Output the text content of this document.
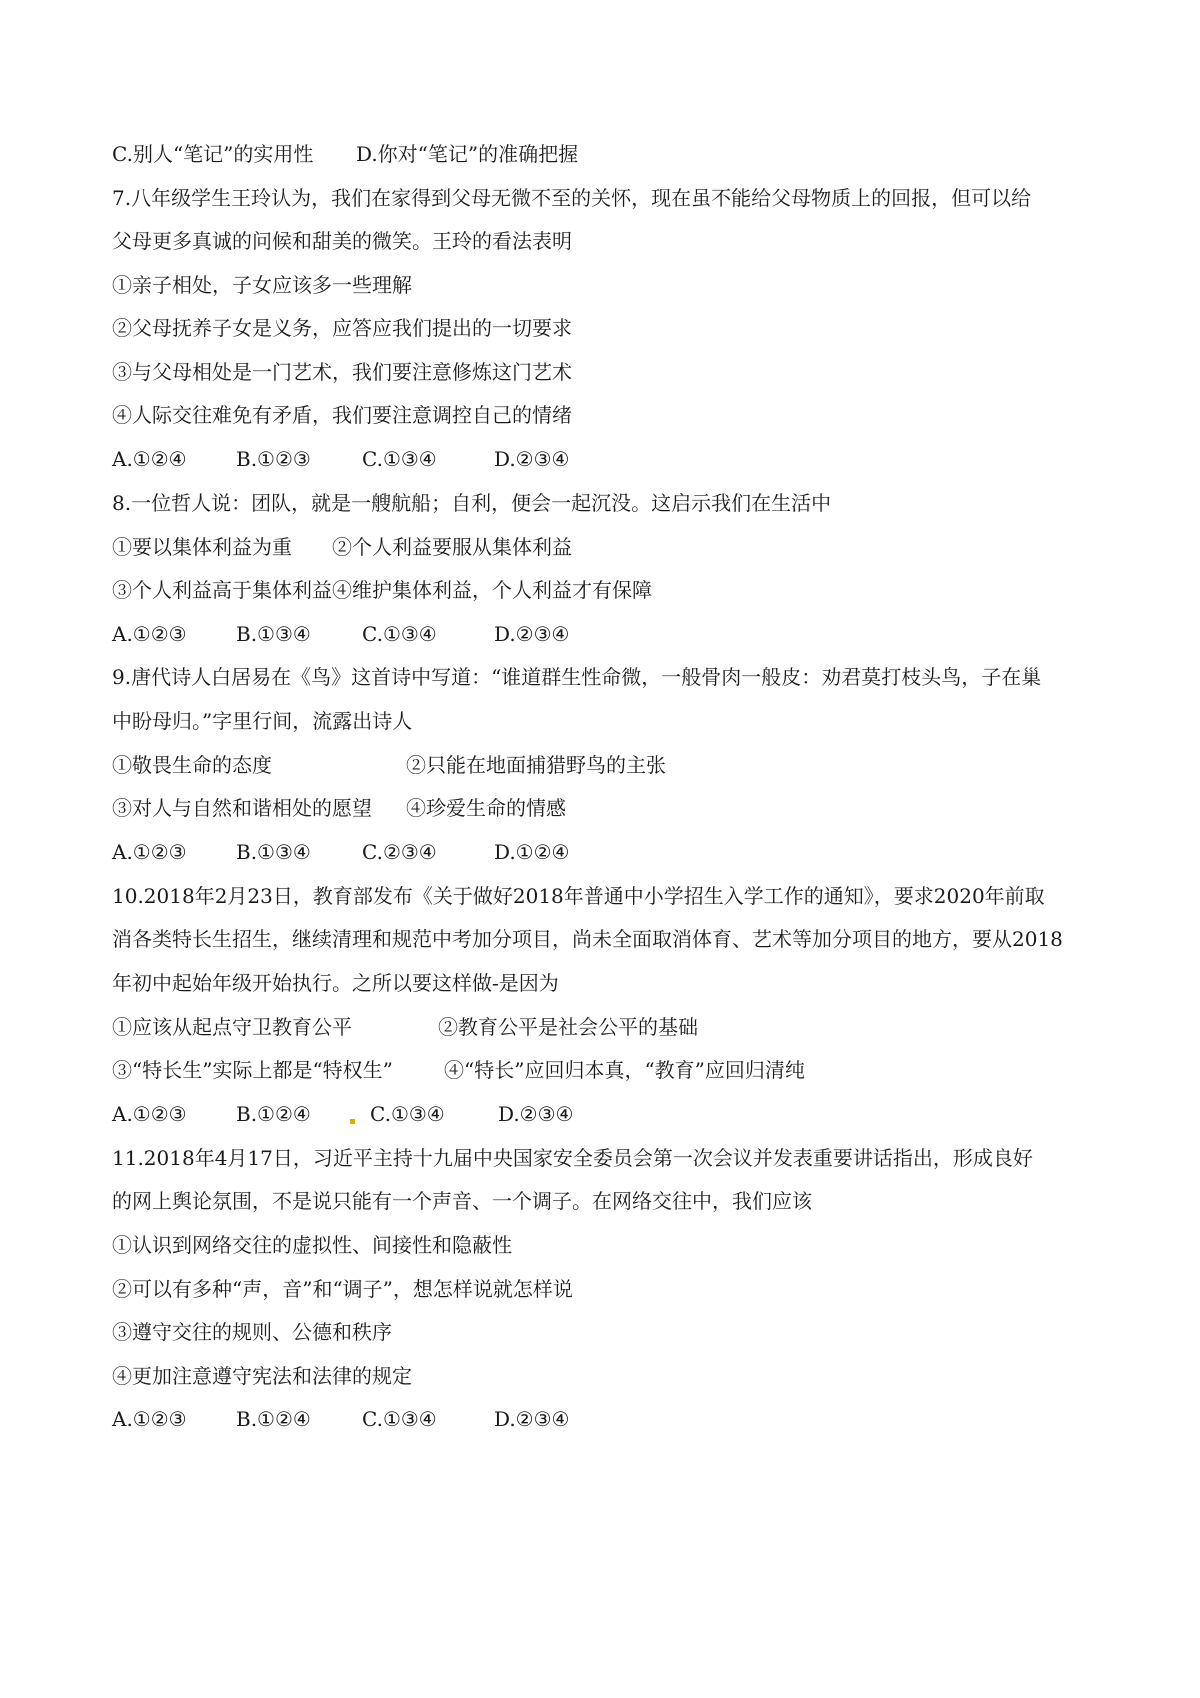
C.别人“笔记”的实用性 D.你对“笔记”的准确把握
7.八年级学生王玲认为，我们在家得到父母无微不至的关怀，现在虽不能给父母物质上的回报，但可以给
父母更多真诚的问候和甜美的微笑。王玲的看法表明
①亲子相处，子女应该多一些理解
②父母抚养子女是义务，应答应我们提出的一切要求
③与父母相处是一门艺术，我们要注意修炼这门艺术
④人际交往难免有矛盾，我们要注意调控自己的情绪
A.①②④ B.①②③	C.①③④	D.②③④
8.一位哲人说：团队，就是一艘航船；自利，便会一起沉没。这启示我们在生活中
①要以集体利益为重 ②个人利益要服从集体利益
③个人利益高于集体利益 ④维护集体利益，个人利益才有保障
A.①②③ B.①③④	C.①③④	D.②③④
9.唐代诗人白居易在《鸟》这首诗中写道：“谁道群生性命微，一般骨肉一般皮：劝君莫打枝头鸟，子在巢
中盼母归。”字里行间，流露出诗人
①敬畏生命的态度	②只能在地面捕猎野鸟的主张
③对人与自然和谐相处的愿望 ④珍爱生命的情感
A.①②③ B.①③④	C.②③④	D.①②④
10.2018年2月23日，教育部发布《关于做好2018年普通中小学招生入学工作的通知》，要求2020年前取
消各类特长生招生，继续清理和规范中考加分项目，尚未全面取消体育、艺术等加分项目的地方，要从2018
年初中起始年级开始执行。之所以要这样做-是因为
①应该从起点守卫教育公平	②教育公平是社会公平的基础
③“特长生”实际上都是“特权生”	④“特长”应回归本真，“教育”应回归清纯
A.①②③ B.①②④	C.①③④	D.②③④
11.2018年4月17日，习近平主持十九届中央国家安全委员会第一次会议并发表重要讲话指出，形成良好
的网上舆论氛围，不是说只能有一个声音、一个调子。在网络交往中，我们应该
①认识到网络交往的虚拟性、间接性和隐蔽性
②可以有多种“声，音”和“调子”，想怎样说就怎样说
③遵守交往的规则、公德和秩序
④更加注意遵守宪法和法律的规定
A.①②③ B.①②④	C.①③④	D.②③④
